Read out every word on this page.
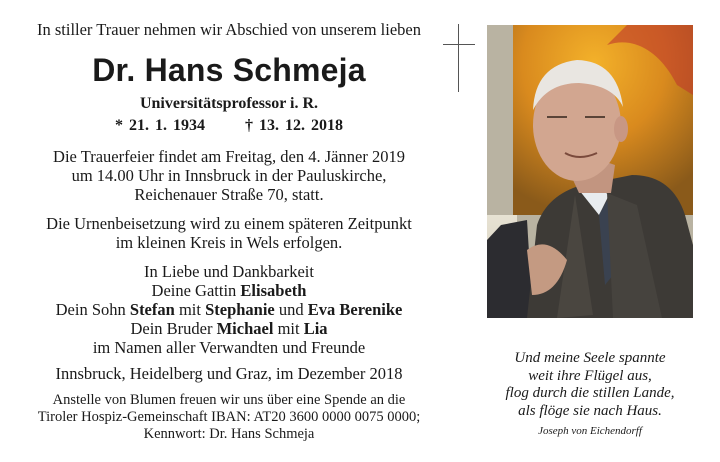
In stiller Trauer nehmen wir Abschied von unserem lieben
Dr. Hans Schmeja
Universitätsprofessor i. R.
* 21. 1. 1934	† 13. 12. 2018
Die Trauerfeier findet am Freitag, den 4. Jänner 2019
um 14.00 Uhr in Innsbruck in der Pauluskirche,
Reichenauer Straße 70, statt.
Die Urnenbeisetzung wird zu einem späteren Zeitpunkt
im kleinen Kreis in Wels erfolgen.
In Liebe und Dankbarkeit
Deine Gattin Elisabeth
Dein Sohn Stefan mit Stephanie und Eva Berenike
Dein Bruder Michael mit Lia
im Namen aller Verwandten und Freunde
Innsbruck, Heidelberg und Graz, im Dezember 2018
Anstelle von Blumen freuen wir uns über eine Spende an die
Tiroler Hospiz-Gemeinschaft IBAN: AT20 3600 0000 0075 0000;
Kennwort: Dr. Hans Schmeja
Und meine Seele spannte
weit ihre Flügel aus,
flog durch die stillen Lande,
als flöge sie nach Haus.
Joseph von Eichendorff
